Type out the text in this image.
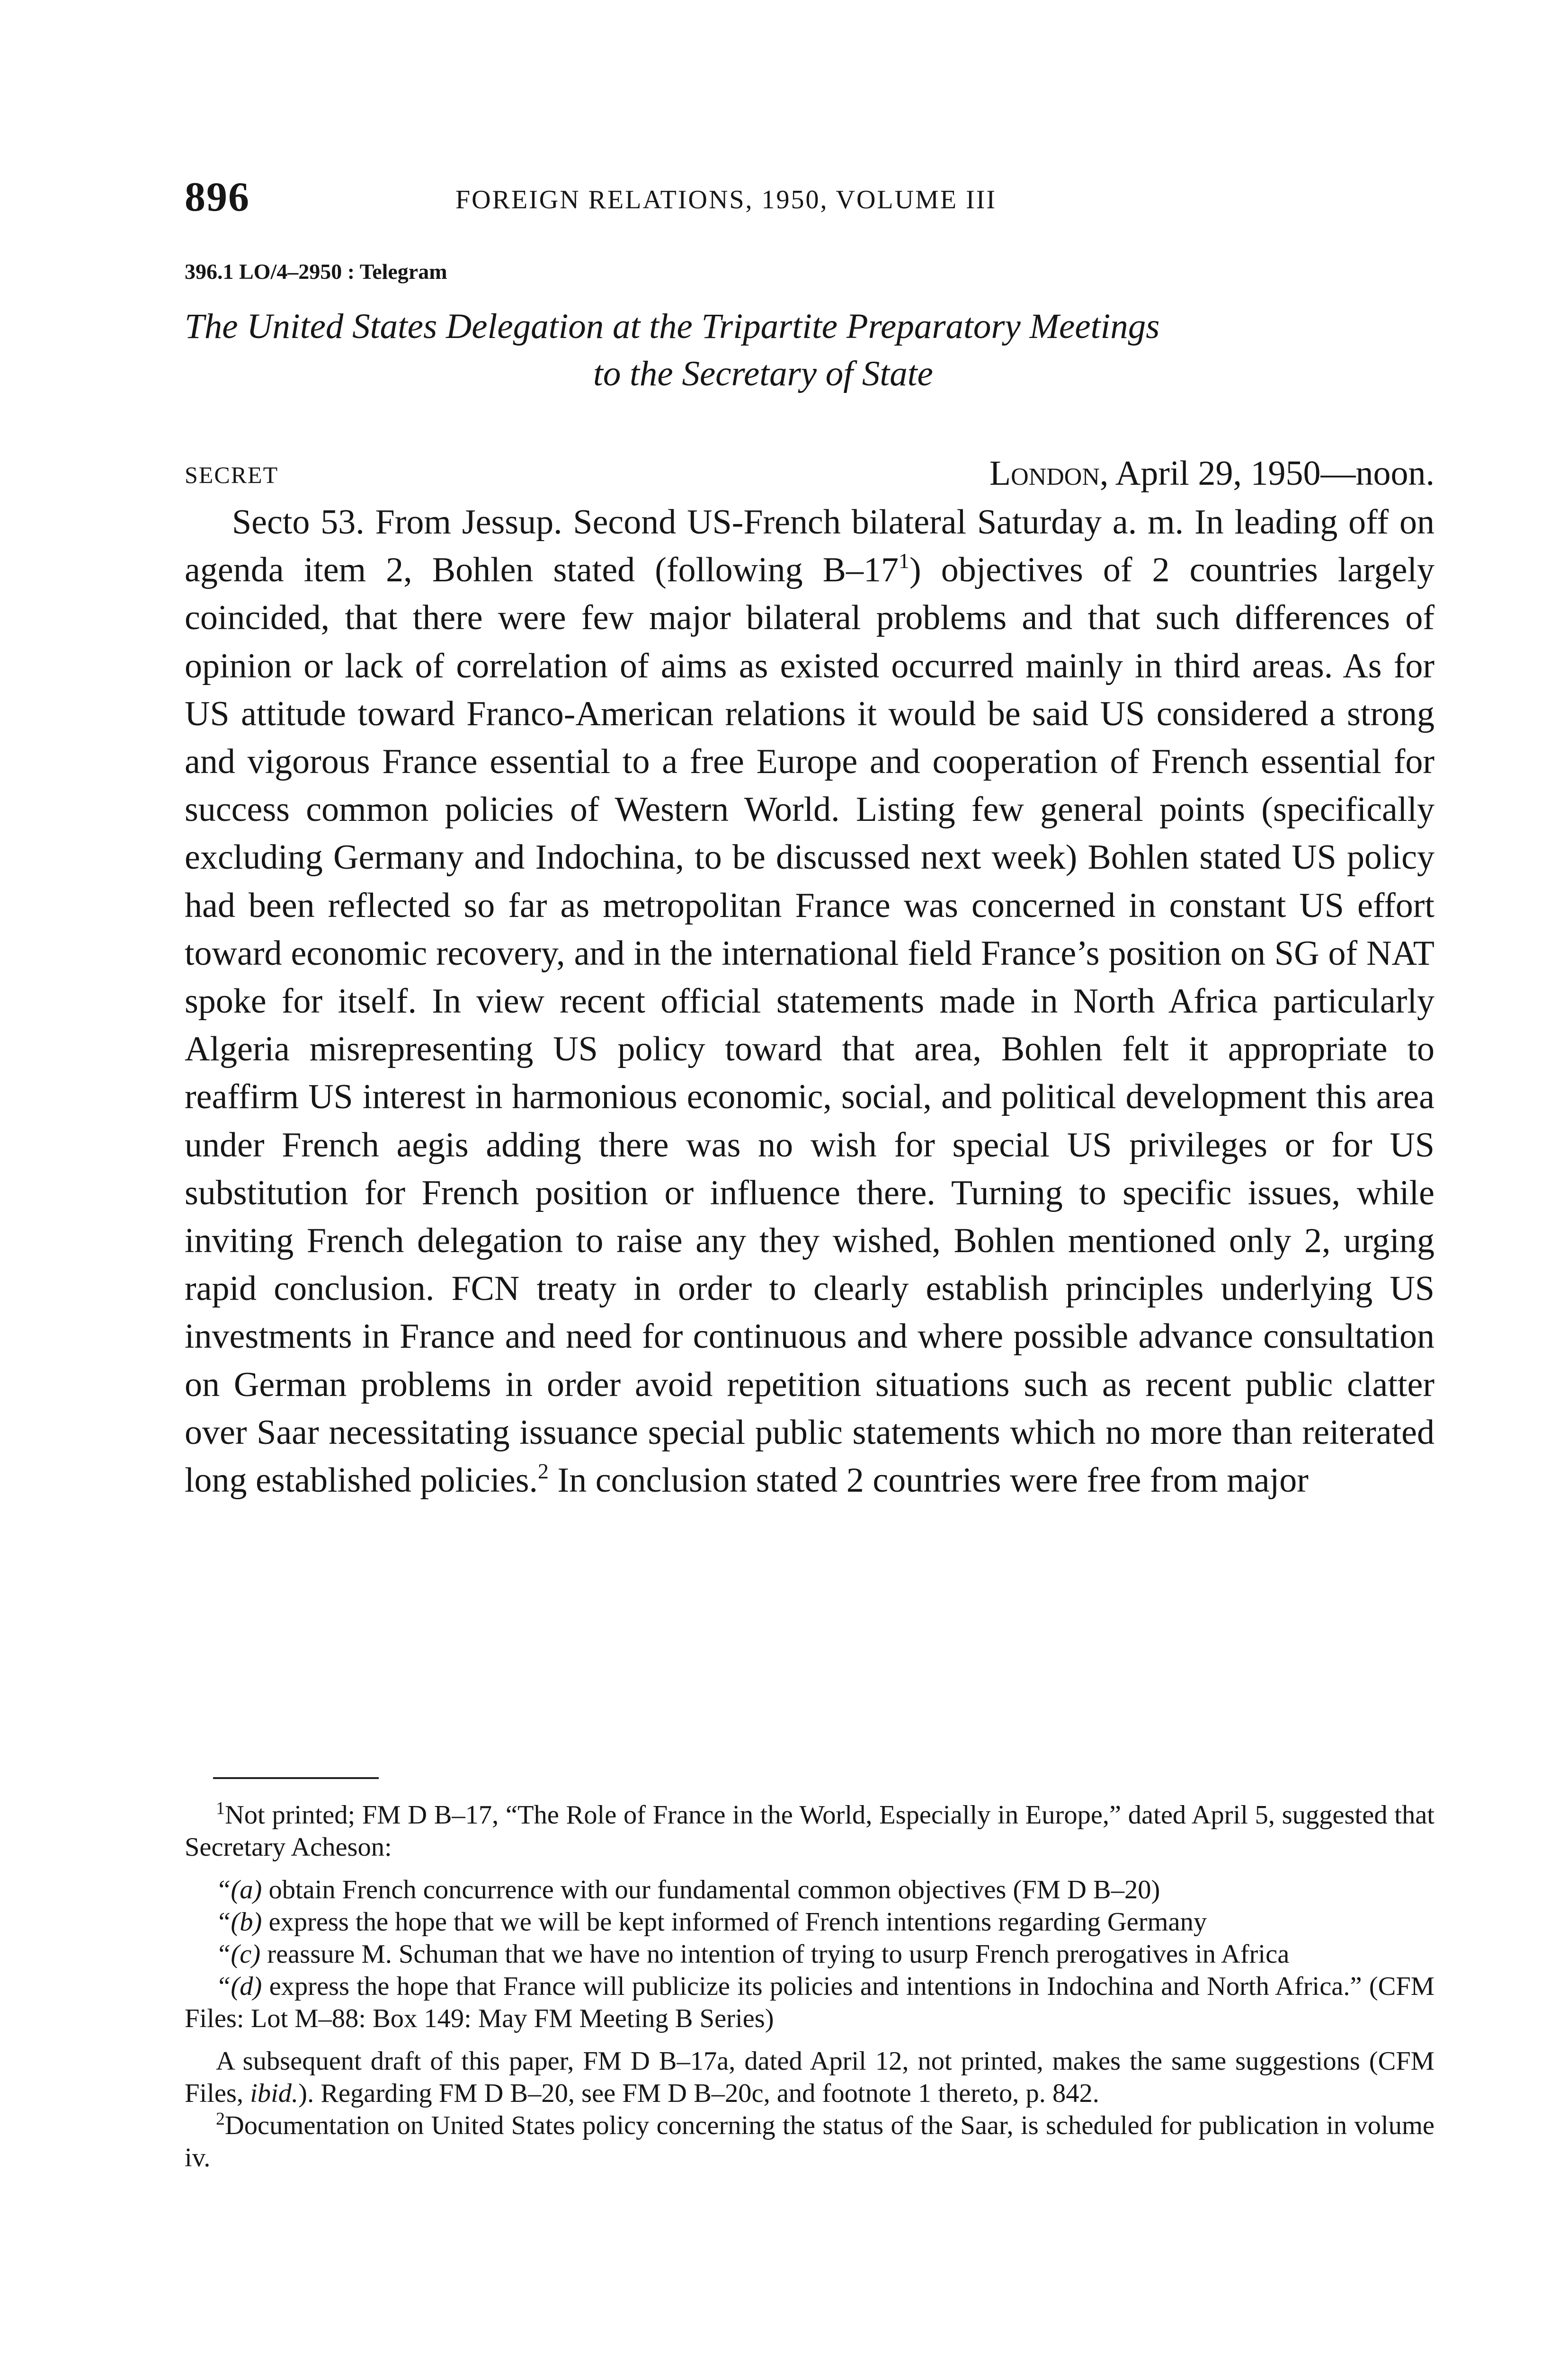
896	FOREIGN RELATIONS, 1950, VOLUME III
396.1 LO/4–2950 : Telegram
The United States Delegation at the Tripartite Preparatory Meetings
to the Secretary of State
SECRET	London, April 29, 1950—noon.

Secto 53. From Jessup. Second US-French bilateral Saturday a. m. In leading off on agenda item 2, Bohlen stated (following B–17$^1$) objectives of 2 countries largely coincided, that there were few major bilateral problems and that such differences of opinion or lack of correlation of aims as existed occurred mainly in third areas. As for US attitude toward Franco-American relations it would be said US considered a strong and vigorous France essential to a free Europe and cooperation of French essential for success common policies of Western World. Listing few general points (specifically excluding Germany and Indochina, to be discussed next week) Bohlen stated US policy had been reflected so far as metropolitan France was concerned in constant US effort toward economic recovery, and in the international field France’s position on SG of NAT spoke for itself. In view recent official statements made in North Africa particularly Algeria misrepresenting US policy toward that area, Bohlen felt it appropriate to reaffirm US interest in harmonious economic, social, and political development this area under French aegis adding there was no wish for special US privileges or for US substitution for French position or influence there. Turning to specific issues, while inviting French delegation to raise any they wished, Bohlen mentioned only 2, urging rapid conclusion. FCN treaty in order to clearly establish principles underlying US investments in France and need for continuous and where possible advance consultation on German problems in order avoid repetition situations such as recent public clatter over Saar necessitating issuance special public statements which no more than reiterated long established policies.$^2$ In conclusion stated 2 countries were free from major

$^1$Not printed; FM D B–17, “The Role of France in the World, Especially in Europe,” dated April 5, suggested that Secretary Acheson:

“(a) obtain French concurrence with our fundamental common objectives (FM D B–20)

“(b) express the hope that we will be kept informed of French intentions regarding Germany

“(c) reassure M. Schuman that we have no intention of trying to usurp French prerogatives in Africa

“(d) express the hope that France will publicize its policies and intentions in Indochina and North Africa.” (CFM Files: Lot M–88: Box 149: May FM Meeting B Series)

A subsequent draft of this paper, FM D B–17a, dated April 12, not printed, makes the same suggestions (CFM Files, ibid.). Regarding FM D B–20, see FM D B–20c, and footnote 1 thereto, p. 842.

$^2$Documentation on United States policy concerning the status of the Saar, is scheduled for publication in volume iv.
